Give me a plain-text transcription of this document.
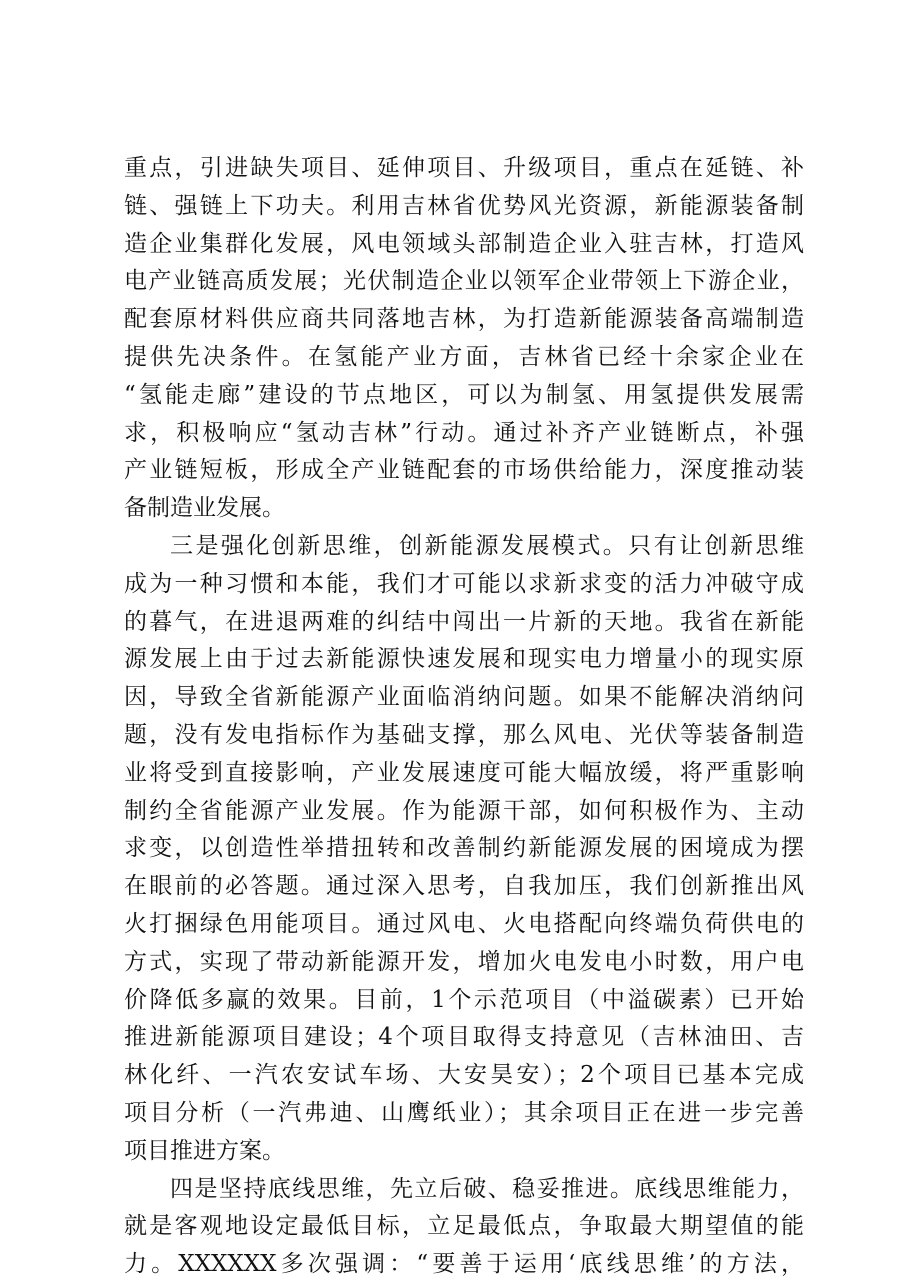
重点，引进缺失项目、延伸项目、升级项目，重点在延链、补
链、强链上下功夫。利用吉林省优势风光资源，新能源装备制
造企业集群化发展，风电领域头部制造企业入驻吉林，打造风
电产业链高质发展；光伏制造企业以领军企业带领上下游企业，
配套原材料供应商共同落地吉林，为打造新能源装备高端制造
提供先决条件。在氢能产业方面，吉林省已经十余家企业在
“氢能走廊”建设的节点地区，可以为制氢、用氢提供发展需
求，积极响应“氢动吉林”行动。通过补齐产业链断点，补强
产业链短板，形成全产业链配套的市场供给能力，深度推动装
备制造业发展。
三是强化创新思维，创新能源发展模式。只有让创新思维
成为一种习惯和本能，我们才可能以求新求变的活力冲破守成
的暮气，在进退两难的纠结中闯出一片新的天地。我省在新能
源发展上由于过去新能源快速发展和现实电力增量小的现实原
因，导致全省新能源产业面临消纳问题。如果不能解决消纳问
题，没有发电指标作为基础支撑，那么风电、光伏等装备制造
业将受到直接影响，产业发展速度可能大幅放缓，将严重影响
制约全省能源产业发展。作为能源干部，如何积极作为、主动
求变，以创造性举措扭转和改善制约新能源发展的困境成为摆
在眼前的必答题。通过深入思考，自我加压，我们创新推出风
火打捆绿色用能项目。通过风电、火电搭配向终端负荷供电的
方式，实现了带动新能源开发，增加火电发电小时数，用户电
价降低多赢的效果。目前，1个示范项目（中溢碳素）已开始
推进新能源项目建设；4个项目取得支持意见（吉林油田、吉
林化纤、一汽农安试车场、大安昊安）；2个项目已基本完成
项目分析（一汽弗迪、山鹰纸业）；其余项目正在进一步完善
项目推进方案。
四是坚持底线思维，先立后破、稳妥推进。底线思维能力，
就是客观地设定最低目标，立足最低点，争取最大期望值的能
力。XXXXXX多次强调：“要善于运用‘底线思维’的方法，
